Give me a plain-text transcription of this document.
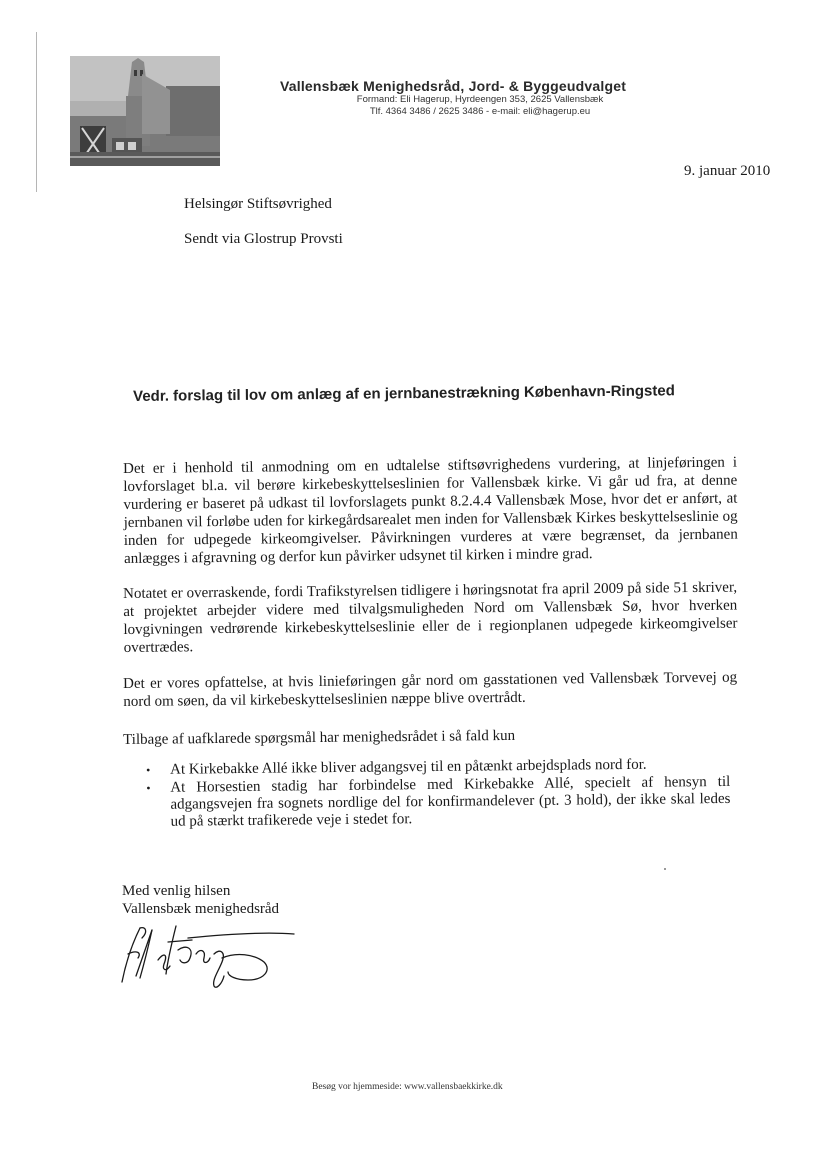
Vallensbæk Menighedsråd, Jord- & Byggeudvalget
Formand: Eli Hagerup, Hyrdeengen 353, 2625 Vallensbæk
Tlf. 4364 3486 / 2625 3486 - e-mail: eli@hagerup.eu
9. januar 2010
Helsingør Stiftsøvrighed
Sendt via Glostrup Provsti
Vedr. forslag til lov om anlæg af en jernbanestrækning København-Ringsted
Det er i henhold til anmodning om en udtalelse stiftsøvrighedens vurdering, at linjeføringen i lovforslaget bl.a. vil berøre kirkebeskyttelseslinien for Vallensbæk kirke. Vi går ud fra, at denne vurdering er baseret på udkast til lovforslagets punkt 8.2.4.4 Vallensbæk Mose, hvor det er anført, at jernbanen vil forløbe uden for kirkegårdsarealet men inden for Vallensbæk Kirkes beskyttelseslinie og inden for udpegede kirkeomgivelser. Påvirkningen vurderes at være begrænset, da jernbanen anlægges i afgravning og derfor kun påvirker udsynet til kirken i mindre grad.
Notatet er overraskende, fordi Trafikstyrelsen tidligere i høringsnotat fra april 2009 på side 51 skriver, at projektet arbejder videre med tilvalgsmuligheden Nord om Vallensbæk Sø, hvor hverken lovgivningen vedrørende kirkebeskyttelseslinie eller de i regionplanen udpegede kirkeomgivelser overtrædes.
Det er vores opfattelse, at hvis linieføringen går nord om gasstationen ved Vallensbæk Torvevej og nord om søen, da vil kirkebeskyttelseslinien næppe blive overtrådt.
Tilbage af uafklarede spørgsmål har menighedsrådet i så fald kun
•	At Kirkebakke Allé ikke bliver adgangsvej til en påtænkt arbejdsplads nord for.
•	At Horsestien stadig har forbindelse med Kirkebakke Allé, specielt af hensyn til adgangsvejen fra sognets nordlige del for konfirmandelever (pt. 3 hold), der ikke skal ledes ud på stærkt trafikerede veje i stedet for.
Med venlig hilsen
Vallensbæk menighedsråd
Besøg vor hjemmeside: www.vallensbaekkirke.dk
